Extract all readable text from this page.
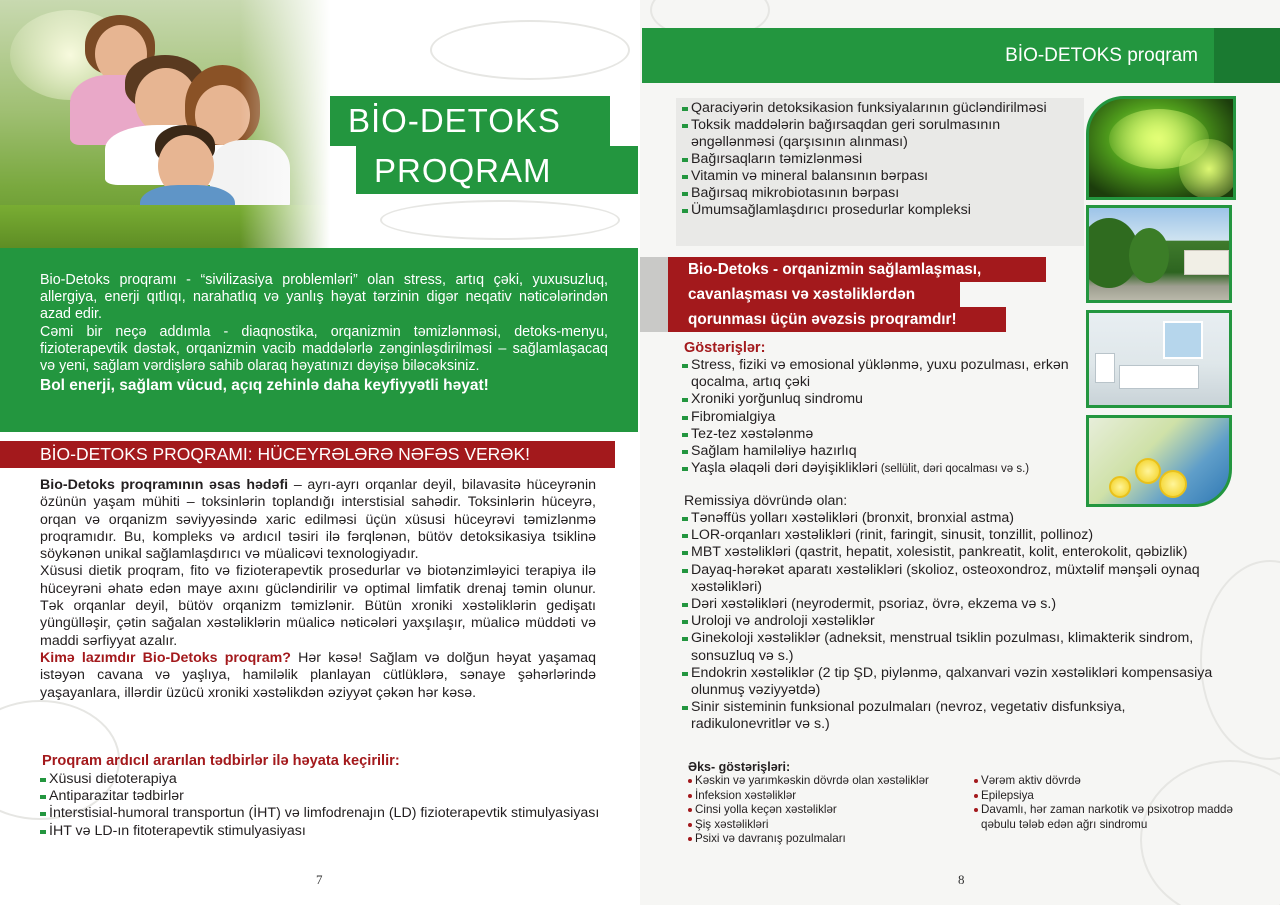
BİO-DETOKS
PROQRAM

Bio-Detoks proqramı - “sivilizasiya problemləri” olan stress, artıq çəki, yuxusuzluq, allergiya, enerji qıtlıqı, narahatlıq və yanlış həyat tərzinin digər neqativ nəticələrindən azad edir.

Cəmi bir neçə addımla - diaqnostika, orqanizmin təmizlənməsi, detoks-menyu, fizioterapevtik dəstək, orqanizmin vacib maddələrlə zənginləşdirilməsi – sağlamlaşacaq və yeni, sağlam vərdişlərə sahib olaraq həyatınızı dəyişə biləcəksiniz.

Bol enerji, sağlam vücud, açıq zehinlə daha keyfiyyətli həyat!

BİO-DETOKS PROQRAMI: HÜCEYRƏLƏRƏ NƏFƏS VERƏK!

Bio-Detoks proqramının əsas hədəfi – ayrı-ayrı orqanlar deyil, bilavasitə hüceyrənin özünün yaşam mühiti – toksinlərin toplandığı interstisial sahədir. Toksinlərin hüceyrə, orqan və orqanizm səviyyəsində xaric edilməsi üçün xüsusi hüceyrəvi təmizlənmə proqramıdır. Bu, kompleks və ardıcıl təsiri ilə fərqlənən, bütöv detoksikasiya tsiklinə söykənən unikal sağlamlaşdırıcı və müalicəvi texnologiyadır.

Xüsusi dietik proqram, fito və fizioterapevtik prosedurlar və biotənzimləyici terapiya ilə hüceyrəni əhatə edən maye axını gücləndirilir və optimal limfatik drenaj təmin olunur. Tək orqanlar deyil, bütöv orqanizm təmizlənir. Bütün xroniki xəstəliklərin gedişatı yüngülləşir, çətin sağalan xəstəliklərin müalicə nəticələri yaxşılaşır, müalicə müddəti və maddi sərfiyyat azalır.

Kimə lazımdır Bio-Detoks proqram? Hər kəsə! Sağlam və dolğun həyat yaşamaq istəyən cavana və yaşlıya, hamiləlik planlayan cütlüklərə, sənaye şəhərlərində yaşayanlara, illərdir üzücü xroniki xəstəlikdən əziyyət çəkən hər kəsə.

Proqram ardıcıl ararılan tədbirlər ilə həyata keçirilir:
Xüsusi dietoterapiya
Antiparazitar tədbirlər
İnterstisial-humoral transportun (İHT) və limfodrenajın (LD) fizioterapevtik stimulyasiyası
İHT və LD-ın fitoterapevtik stimulyasiyası
7
BİO-DETOKS proqram
Qaraciyərin detoksikasion funksiyalarının gücləndirilməsi
Toksik maddələrin bağırsaqdan geri sorulmasının əngəllənməsi (qarşısının alınması)
Bağırsaqların təmizlənməsi
Vitamin və mineral balansının bərpası
Bağırsaq mikrobiotasının bərpası
Ümumsağlamlaşdırıcı prosedurlar kompleksi
Bio-Detoks - orqanizmin sağlamlaşması,
cavanlaşması və xəstəliklərdən
qorunması üçün əvəzsis proqramdır!
Göstərişlər:
Stress, fiziki və emosional yüklənmə, yuxu pozulması, erkən qocalma, artıq çəki
Xroniki yorğunluq sindromu
Fibromialgiya
Tez-tez xəstələnmə
Sağlam hamiləliyə hazırlıq
Yaşla əlaqəli dəri dəyişiklikləri (sellülit, dəri qocalması və s.)
Remissiya dövründə olan:
Tənəffüs yolları xəstəlikləri (bronxit, bronxial astma)
LOR-orqanları xəstəlikləri (rinit, faringit, sinusit, tonzillit, pollinoz)
MBT xəstəlikləri (qastrit, hepatit, xolesistit, pankreatit, kolit, enterokolit, qəbizlik)
Dayaq-hərəkət aparatı xəstəlikləri (skolioz, osteoxondroz, müxtəlif mənşəli oynaq xəstəlikləri)
Dəri xəstəlikləri (neyrodermit, psoriaz, övrə, ekzema və s.)
Uroloji və androloji xəstəliklər
Ginekoloji xəstəliklər (adneksit, menstrual tsiklin pozulması, klimakterik sindrom, sonsuzluq və s.)
Endokrin xəstəliklər (2 tip ŞD, piylənmə, qalxanvari vəzin xəstəlikləri kompensasiya olunmuş vəziyyətdə)
Sinir sisteminin funksional pozulmaları (nevroz, vegetativ disfunksiya, radikulonevritlər və s.)
Əks- göstərişləri:
Kəskin və yarımkəskin dövrdə olan xəstəliklər
İnfeksion xəstəliklər
Cinsi yolla keçən xəstəliklər
Şiş xəstəlikləri
Psixi və davranış pozulmaları
Vərəm aktiv dövrdə
Epilepsiya
Davamlı, hər zaman narkotik və psixotrop maddə qəbulu tələb edən ağrı sindromu
8
